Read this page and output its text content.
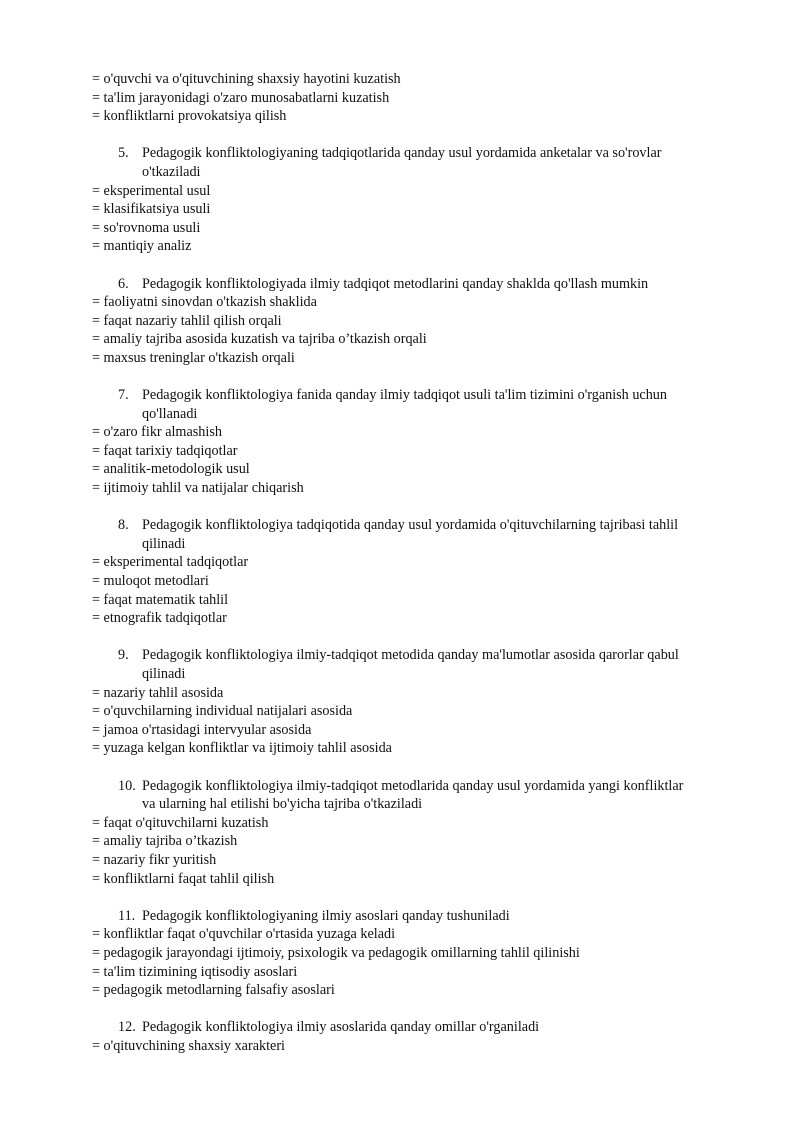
= o'quvchi va o'qituvchining shaxsiy hayotini kuzatish
= ta'lim jarayonidagi o'zaro munosabatlarni kuzatish
= konfliktlarni provokatsiya qilish
5. Pedagogik konfliktologiyaning tadqiqotlarida qanday usul yordamida anketalar va so'rovlar
o'tkaziladi
= eksperimental usul
= klasifikatsiya usuli
= so'rovnoma usuli
= mantiqiy analiz
6. Pedagogik konfliktologiyada ilmiy tadqiqot metodlarini qanday shaklda qo'llash mumkin
= faoliyatni sinovdan o'tkazish shaklida
= faqat nazariy tahlil qilish orqali
= amaliy tajriba asosida kuzatish va tajriba o’tkazish orqali
= maxsus treninglar o'tkazish orqali
7. Pedagogik konfliktologiya fanida qanday ilmiy tadqiqot usuli ta'lim tizimini o'rganish uchun
qo'llanadi
= o'zaro fikr almashish
= faqat tarixiy tadqiqotlar
= analitik-metodologik usul
= ijtimoiy tahlil va natijalar chiqarish
8. Pedagogik konfliktologiya tadqiqotida qanday usul yordamida o'qituvchilarning tajribasi tahlil
qilinadi
= eksperimental tadqiqotlar
= muloqot metodlari
= faqat matematik tahlil
= etnografik tadqiqotlar
9. Pedagogik konfliktologiya ilmiy-tadqiqot metodida qanday ma'lumotlar asosida qarorlar qabul
qilinadi
= nazariy tahlil asosida
= o'quvchilarning individual natijalari asosida
= jamoa o'rtasidagi intervyular asosida
= yuzaga kelgan konfliktlar va ijtimoiy tahlil asosida
10. Pedagogik konfliktologiya ilmiy-tadqiqot metodlarida qanday usul yordamida yangi konfliktlar
va ularning hal etilishi bo'yicha tajriba o'tkaziladi
= faqat o'qituvchilarni kuzatish
= amaliy tajriba o’tkazish
= nazariy fikr yuritish
= konfliktlarni faqat tahlil qilish
11. Pedagogik konfliktologiyaning ilmiy asoslari qanday tushuniladi
= konfliktlar faqat o'quvchilar o'rtasida yuzaga keladi
= pedagogik jarayondagi ijtimoiy, psixologik va pedagogik omillarning tahlil qilinishi
= ta'lim tizimining iqtisodiy asoslari
= pedagogik metodlarning falsafiy asoslari
12. Pedagogik konfliktologiya ilmiy asoslarida qanday omillar o'rganiladi
= o'qituvchining shaxsiy xarakteri
